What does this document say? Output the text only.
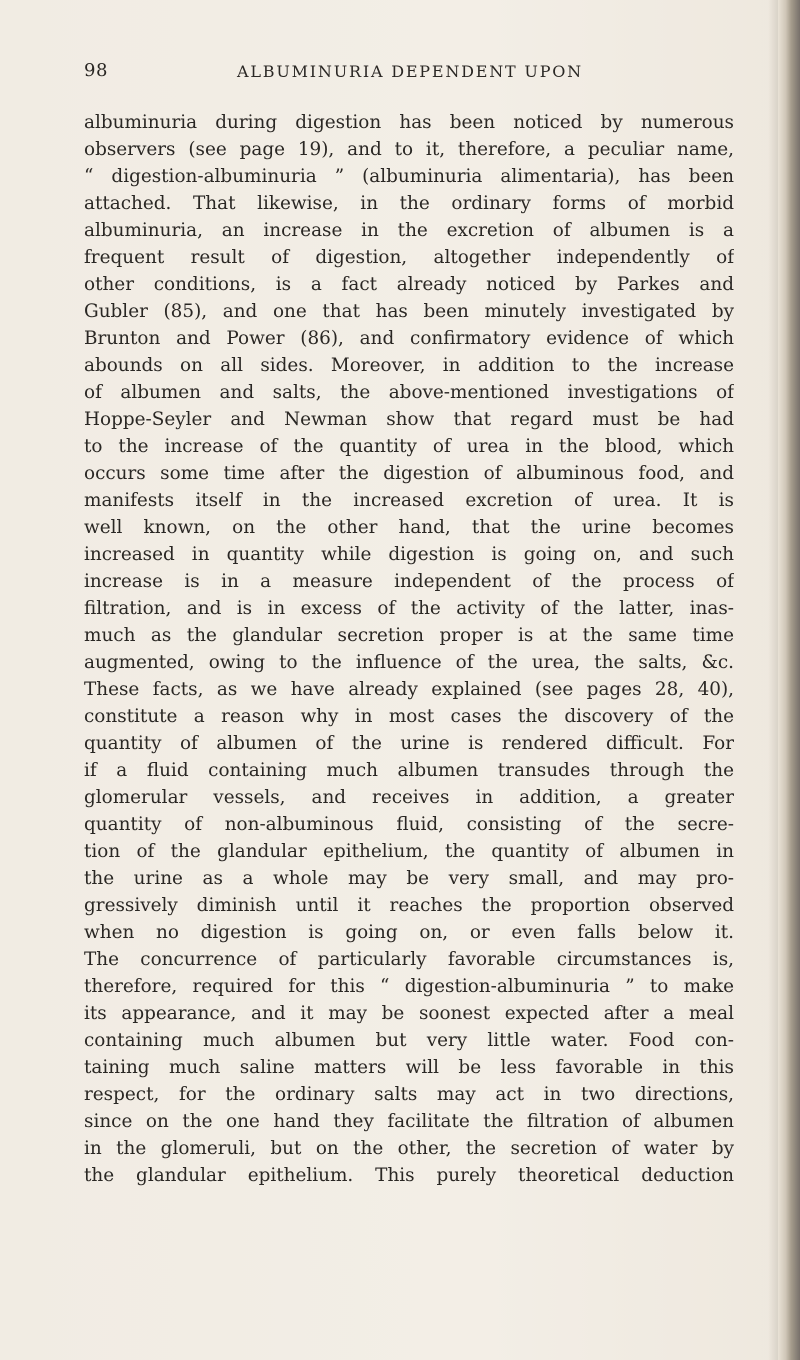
98	ALBUMINURIA DEPENDENT UPON
albuminuria during digestion has been noticed by numerous
observers (see page 19), and to it, therefore, a peculiar name,
“ digestion-albuminuria ” (albuminuria alimentaria), has been
attached. That likewise, in the ordinary forms of morbid
albuminuria, an increase in the excretion of albumen is a
frequent result of digestion, altogether independently of
other conditions, is a fact already noticed by Parkes and
Gubler (85), and one that has been minutely investigated by
Brunton and Power (86), and confirmatory evidence of which
abounds on all sides. Moreover, in addition to the increase
of albumen and salts, the above-mentioned investigations of
Hoppe-Seyler and Newman show that regard must be had
to the increase of the quantity of urea in the blood, which
occurs some time after the digestion of albuminous food, and
manifests itself in the increased excretion of urea. It is
well known, on the other hand, that the urine becomes
increased in quantity while digestion is going on, and such
increase is in a measure independent of the process of
filtration, and is in excess of the activity of the latter, inas-
much as the glandular secretion proper is at the same time
augmented, owing to the influence of the urea, the salts, &c.
These facts, as we have already explained (see pages 28, 40),
constitute a reason why in most cases the discovery of the
quantity of albumen of the urine is rendered difficult. For
if a fluid containing much albumen transudes through the
glomerular vessels, and receives in addition, a greater
quantity of non-albuminous fluid, consisting of the secre-
tion of the glandular epithelium, the quantity of albumen in
the urine as a whole may be very small, and may pro-
gressively diminish until it reaches the proportion observed
when no digestion is going on, or even falls below it.
The concurrence of particularly favorable circumstances is,
therefore, required for this “ digestion-albuminuria ” to make
its appearance, and it may be soonest expected after a meal
containing much albumen but very little water. Food con-
taining much saline matters will be less favorable in this
respect, for the ordinary salts may act in two directions,
since on the one hand they facilitate the filtration of albumen
in the glomeruli, but on the other, the secretion of water by
the glandular epithelium. This purely theoretical deduction
